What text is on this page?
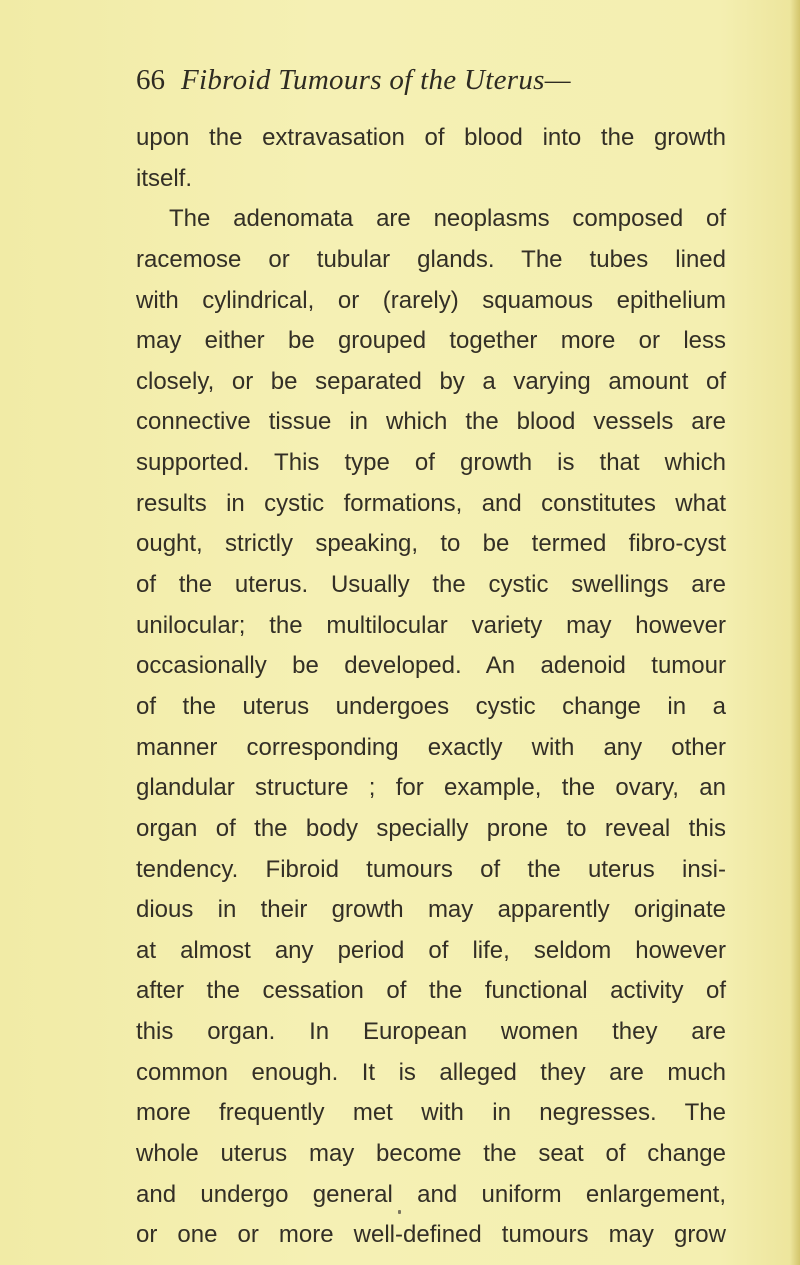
66 Fibroid Tumours of the Uterus—
upon the extravasation of blood into the growth
itself.
The adenomata are neoplasms composed of
racemose or tubular glands. The tubes lined
with cylindrical, or (rarely) squamous epithelium
may either be grouped together more or less
closely, or be separated by a varying amount of
connective tissue in which the blood vessels are
supported. This type of growth is that which
results in cystic formations, and constitutes what
ought, strictly speaking, to be termed fibro-cyst
of the uterus. Usually the cystic swellings are
unilocular; the multilocular variety may however
occasionally be developed. An adenoid tumour
of the uterus undergoes cystic change in a
manner corresponding exactly with any other
glandular structure ; for example, the ovary, an
organ of the body specially prone to reveal this
tendency. Fibroid tumours of the uterus insi-
dious in their growth may apparently originate
at almost any period of life, seldom however
after the cessation of the functional activity of
this organ. In European women they are
common enough. It is alleged they are much
more frequently met with in negresses. The
whole uterus may become the seat of change
and undergo general and uniform enlargement,
or one or more well-defined tumours may grow
